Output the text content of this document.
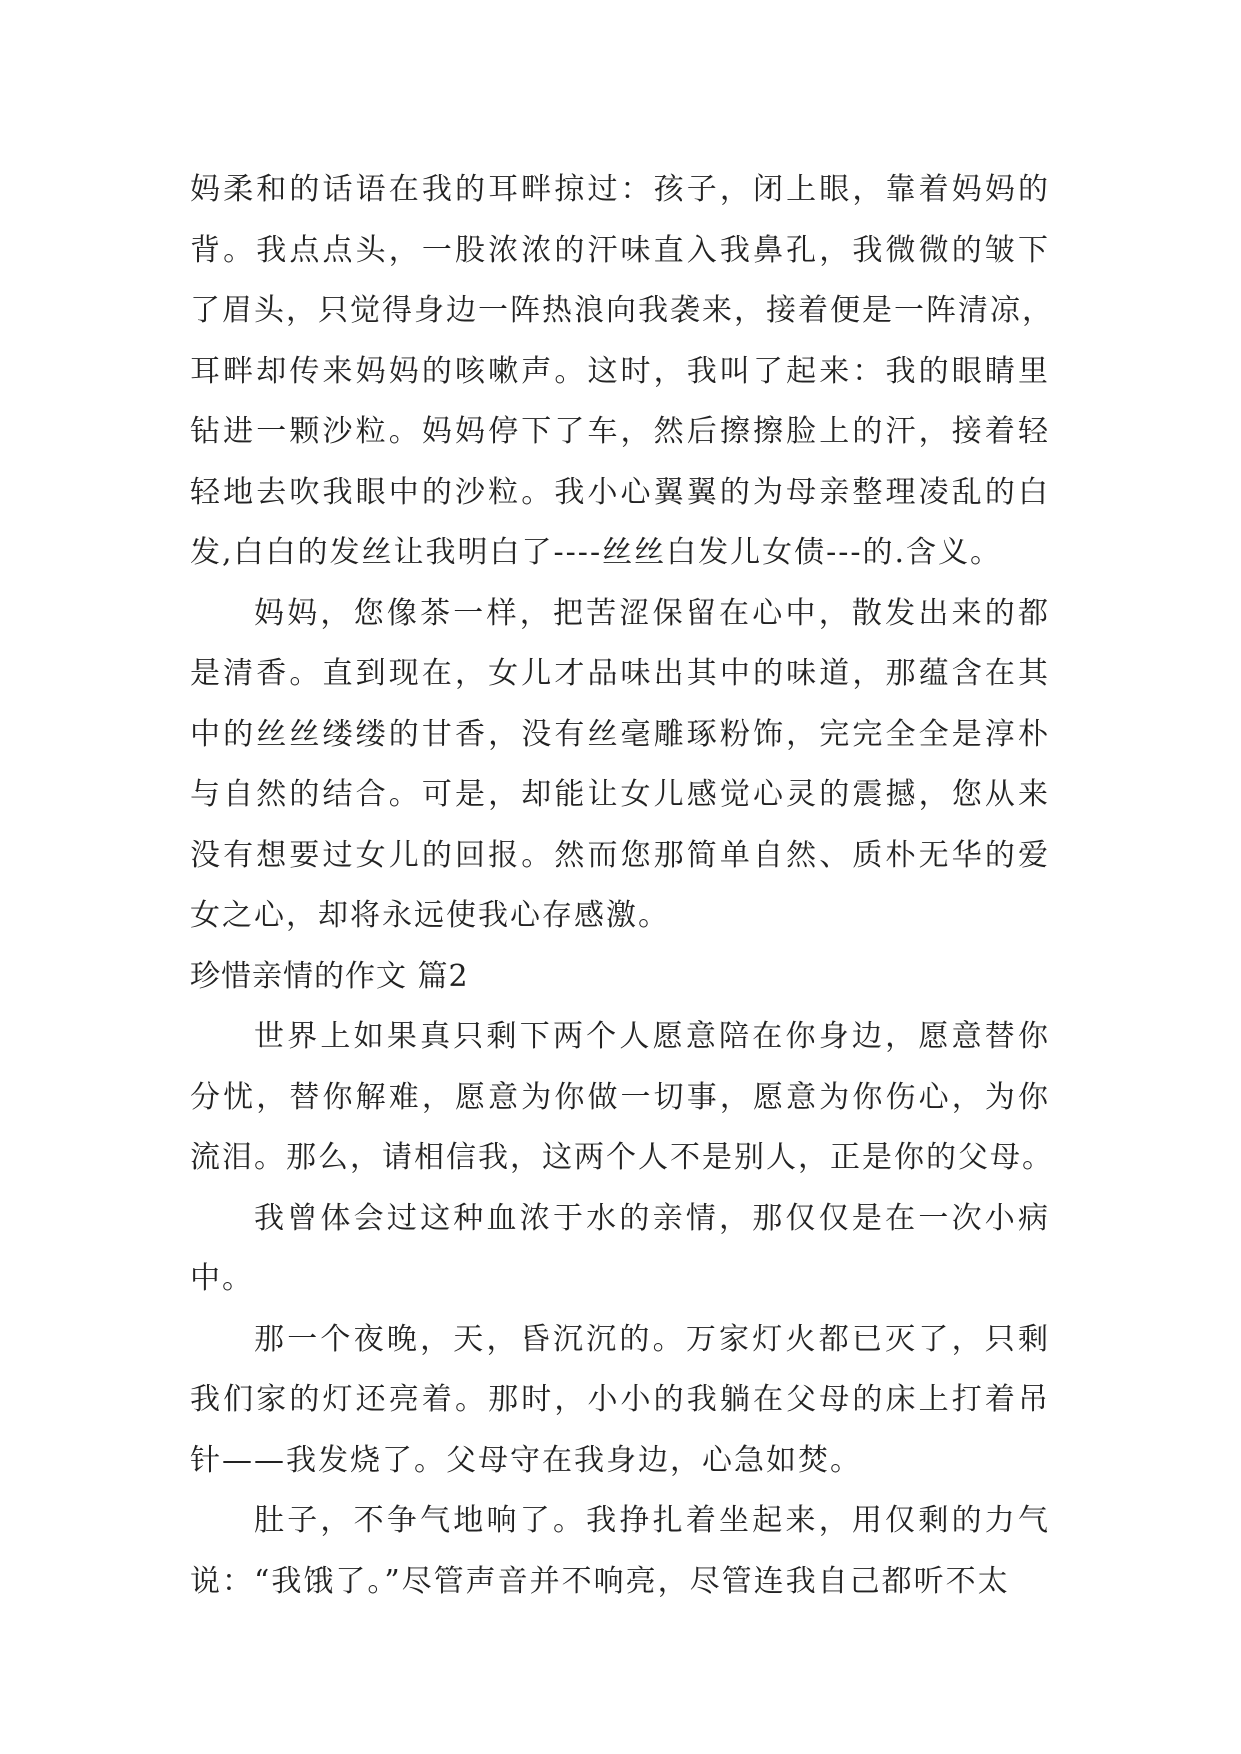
妈柔和的话语在我的耳畔掠过：孩子，闭上眼，靠着妈妈的
背。我点点头，一股浓浓的汗味直入我鼻孔，我微微的皱下
了眉头，只觉得身边一阵热浪向我袭来，接着便是一阵清凉，
耳畔却传来妈妈的咳嗽声。这时，我叫了起来：我的眼睛里
钻进一颗沙粒。妈妈停下了车，然后擦擦脸上的汗，接着轻
轻地去吹我眼中的沙粒。我小心翼翼的为母亲整理凌乱的白
发,白白的发丝让我明白了----丝丝白发儿女债---的.含义。
妈妈，您像茶一样，把苦涩保留在心中，散发出来的都
是清香。直到现在，女儿才品味出其中的味道，那蕴含在其
中的丝丝缕缕的甘香，没有丝毫雕琢粉饰，完完全全是淳朴
与自然的结合。可是，却能让女儿感觉心灵的震撼，您从来
没有想要过女儿的回报。然而您那简单自然、质朴无华的爱
女之心，却将永远使我心存感激。
珍惜亲情的作文 篇2
世界上如果真只剩下两个人愿意陪在你身边，愿意替你
分忧，替你解难，愿意为你做一切事，愿意为你伤心，为你
流泪。那么，请相信我，这两个人不是别人，正是你的父母。
我曾体会过这种血浓于水的亲情，那仅仅是在一次小病
中。
那一个夜晚，天，昏沉沉的。万家灯火都已灭了，只剩
我们家的灯还亮着。那时，小小的我躺在父母的床上打着吊
针——我发烧了。父母守在我身边，心急如焚。
肚子，不争气地响了。我挣扎着坐起来，用仅剩的力气
说：“我饿了。”尽管声音并不响亮，尽管连我自己都听不太
